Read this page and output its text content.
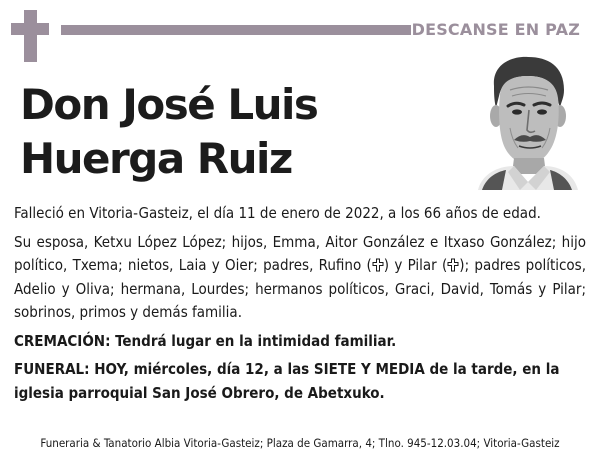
DESCANSE EN PAZ
Don José Luis
Huerga Ruiz

Falleció en Vitoria-Gasteiz, el día 11 de enero de 2022, a los 66 años de edad.

Su esposa, Ketxu López López; hijos, Emma, Aitor González e Itxaso González; hijo político, Txema; nietos, Laia y Oier; padres, Rufino ( ) y Pilar ( ); padres políticos, Adelio y Oliva; hermana, Lourdes; hermanos políticos, Graci, David, Tomás y Pilar; sobrinos, primos y demás familia.

CREMACIÓN: Tendrá lugar en la intimidad familiar.

FUNERAL: HOY, miércoles, día 12, a las SIETE Y MEDIA de la tarde, en la iglesia parroquial San José Obrero, de Abetxuko.

Funeraria & Tanatorio Albia Vitoria-Gasteiz; Plaza de Gamarra, 4; Tlno. 945-12.03.04; Vitoria-Gasteiz
